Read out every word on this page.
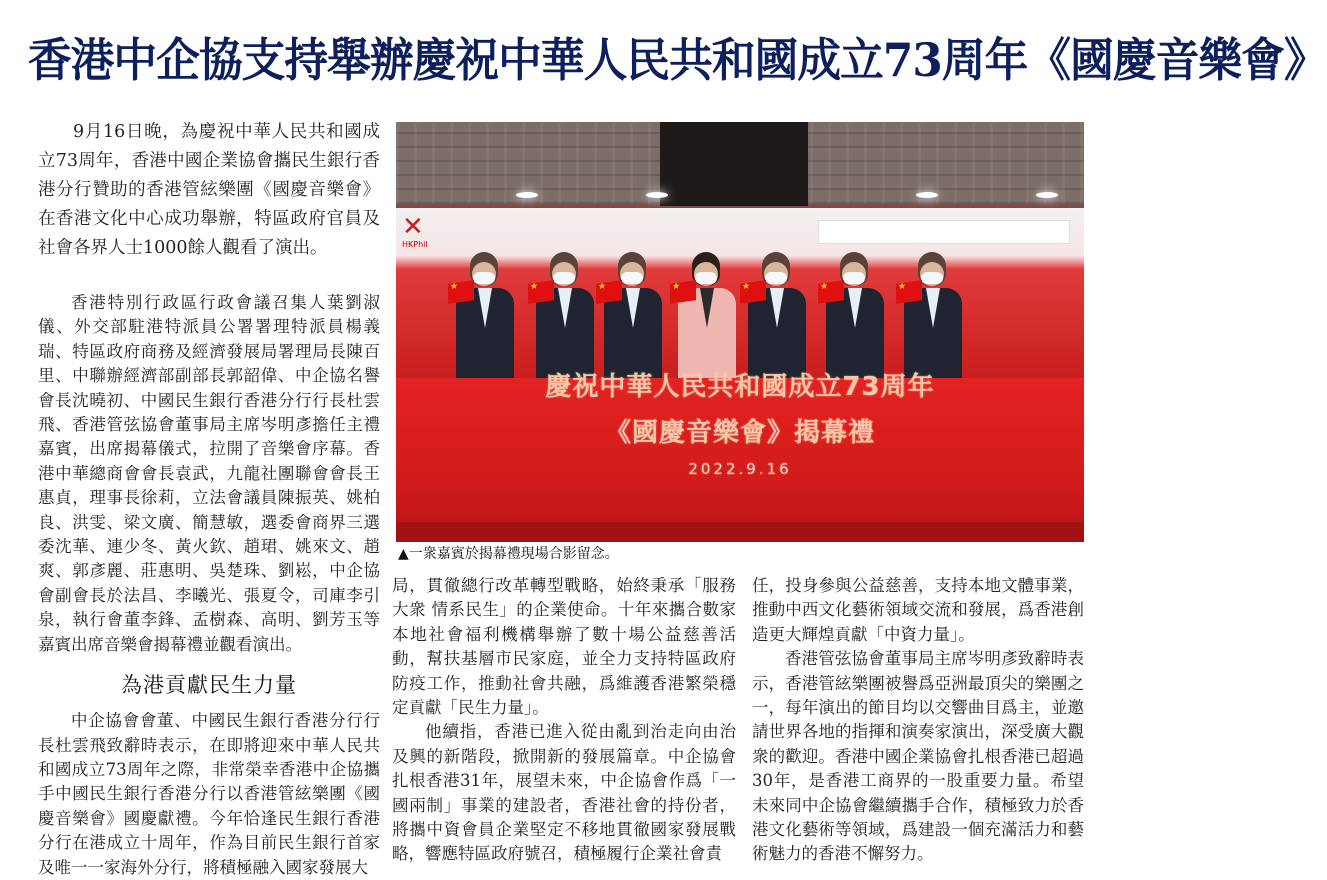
香港中企協支持舉辦慶祝中華人民共和國成立73周年《國慶音樂會》

9月16日晚，為慶祝中華人民共和國成立73周年，香港中國企業協會攜民生銀行香港分行贊助的香港管絃樂團《國慶音樂會》在香港文化中心成功舉辦，特區政府官員及社會各界人士1000餘人觀看了演出。

香港特別行政區行政會議召集人葉劉淑儀、外交部駐港特派員公署署理特派員楊義瑞、特區政府商務及經濟發展局署理局長陳百里、中聯辦經濟部副部長郭韶偉、中企協名譽會長沈曉初、中國民生銀行香港分行行長杜雲飛、香港管弦協會董事局主席岑明彥擔任主禮嘉賓，出席揭幕儀式，拉開了音樂會序幕。香港中華總商會會長袁武，九龍社團聯會會長王惠貞，理事長徐莉，立法會議員陳振英、姚柏良、洪雯、梁文廣、簡慧敏，選委會商界三選委沈華、連少冬、黃火欽、趙珺、姚來文、趙爽、郭彥麗、莊惠明、吳楚珠、劉崧，中企協會副會長於法昌、李曦光、張夏令，司庫李引泉，執行會董李鋒、孟樹森、高明、劉芳玉等嘉賓出席音樂會揭幕禮並觀看演出。

為港貢獻民生力量

中企協會會董、中國民生銀行香港分行行長杜雲飛致辭時表示，在即將迎來中華人民共和國成立73周年之際，非常榮幸香港中企協攜手中國民生銀行香港分行以香港管絃樂團《國慶音樂會》國慶獻禮。今年恰逢民生銀行香港分行在港成立十周年，作為目前民生銀行首家及唯一一家海外分行，將積極融入國家發展大

✕
HKPhil
★
★
★
★
★
★
★
慶祝中華人民共和國成立73周年
《國慶音樂會》揭幕禮
2022.9.16
▲一衆嘉賓於揭幕禮現場合影留念。

局，貫徹總行改革轉型戰略，始終秉承「服務大衆 情系民生」的企業使命。十年來攜合數家本地社會福利機構舉辦了數十場公益慈善活動，幫扶基層市民家庭，並全力支持特區政府防疫工作，推動社會共融，爲維護香港繁榮穩定貢獻「民生力量」。

他續指，香港已進入從由亂到治走向由治及興的新階段，掀開新的發展篇章。中企協會扎根香港31年，展望未來，中企協會作爲「一國兩制」事業的建設者，香港社會的持份者，將攜中資會員企業堅定不移地貫徹國家發展戰略，響應特區政府號召，積極履行企業社會責

任，投身參與公益慈善，支持本地文體事業，推動中西文化藝術領域交流和發展，爲香港創造更大輝煌貢獻「中資力量」。

香港管弦協會董事局主席岑明彥致辭時表示，香港管絃樂團被譽爲亞洲最頂尖的樂團之一，每年演出的節目均以交響曲目爲主，並邀請世界各地的指揮和演奏家演出，深受廣大觀衆的歡迎。香港中國企業協會扎根香港已超過30年，是香港工商界的一股重要力量。希望未來同中企協會繼續攜手合作，積極致力於香港文化藝術等領域，爲建設一個充滿活力和藝術魅力的香港不懈努力。
